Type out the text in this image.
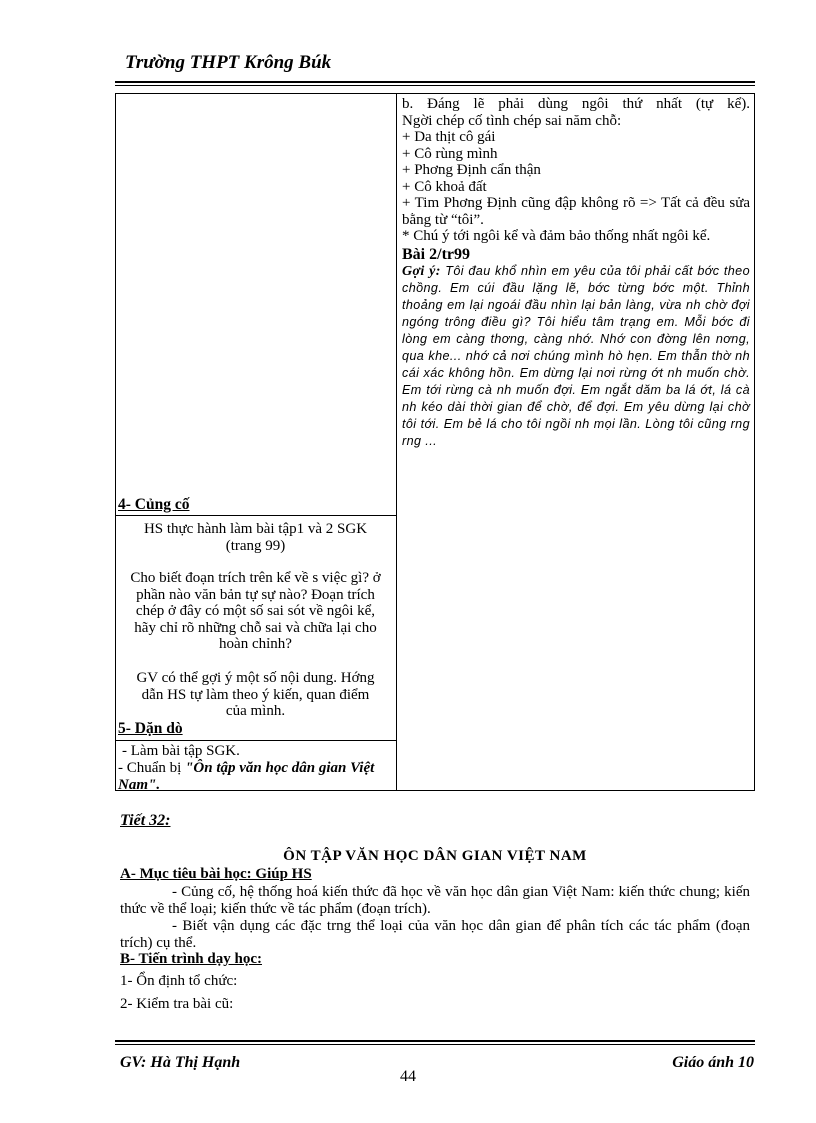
Trường THPT Krông Búk

b. Đáng lẽ phải dùng ngôi thứ nhất (tự kể).

Ngời chép cố tình chép sai năm chỗ:

+ Da thịt cô gái

+ Cô rùng mình

+ Phơng Định cẩn thận

+ Cô khoả đất

+ Tim Phơng Định cũng đập không rõ => Tất cả đều sửa bằng từ “tôi”.

* Chú ý tới ngôi kể và đảm bảo thống nhất ngôi kể.

Bài 2/tr99

Gợi ý: Tôi đau khổ nhìn em yêu của tôi phải cất bớc theo chồng. Em cúi đầu lặng lẽ, bớc từng bớc một. Thỉnh thoảng em lại ngoái đầu nhìn lại bản làng, vừa nh chờ đợi ngóng trông điều gì? Tôi hiểu tâm trạng em. Mỗi bớc đi lòng em càng thơng, càng nhớ. Nhớ con đờng lên nơng, qua khe... nhớ cả nơi chúng mình hò hẹn. Em thẫn thờ nh cái xác không hồn. Em dừng lại nơi rừng ớt nh muốn chờ. Em tới rừng cà nh muốn đợi. Em ngắt dăm ba lá ớt, lá cà nh kéo dài thời gian để chờ, để đợi. Em yêu dừng lại chờ tôi tới. Em bẻ lá cho tôi ngồi nh mọi lần. Lòng tôi cũng rng rng ...

4- Củng cố
HS thực hành làm bài tập1 và 2 SGK (trang 99)
Cho biết đoạn trích trên kể về s việc gì? ở phần nào văn bản tự sự nào? Đoạn trích chép ở đây có một số sai sót về ngôi kể, hãy chỉ rõ những chỗ sai và chữa lại cho hoàn chỉnh?
GV có thể gợi ý một số nội dung. Hớng dẫn HS tự làm theo ý kiến, quan điểm của mình.
5- Dặn dò
- Làm bài tập SGK.
- Chuẩn bị "Ôn tập văn học dân gian Việt Nam".
Tiết 32:
ÔN TẬP VĂN HỌC DÂN GIAN VIỆT NAM
A- Mục tiêu bài học: Giúp HS

- Củng cố, hệ thống hoá kiến thức đã học về văn học dân gian Việt Nam: kiến thức chung; kiến thức về thể loại; kiến thức về tác phẩm (đoạn trích).

- Biết vận dụng các đặc trng thể loại của văn học dân gian để phân tích các tác phẩm (đoạn trích) cụ thể.

B- Tiến trình dạy học:
1- Ổn định tổ chức:
2- Kiểm tra bài cũ:
GV: Hà Thị Hạnh	Giáo ánh 10
44
